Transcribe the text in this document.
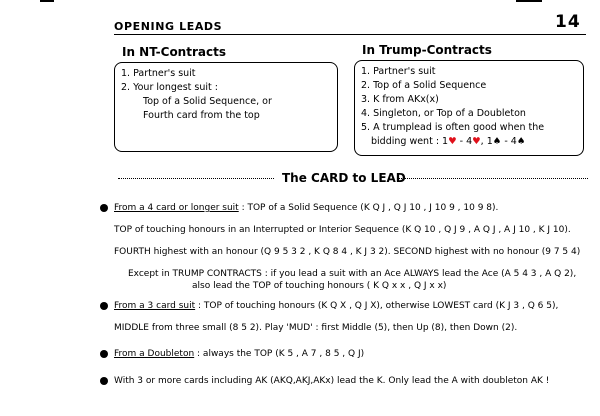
OPENING LEADS	14
In NT-Contracts
1. Partner's suit
2. Your longest suit :
Top of a Solid Sequence, or
Fourth card from the top
In Trump-Contracts
1. Partner's suit
2. Top of a Solid Sequence
3. K from AKx(x)
4. Singleton, or Top of a Doubleton
5. A trumplead is often good when the
bidding went : 1♥ - 4♥, 1♠ - 4♠
The CARD to LEAD
From a 4 card or longer suit : TOP of a Solid Sequence (K Q J , Q J 10 , J 10 9 , 10 9 8).
TOP of touching honours in an Interrupted or Interior Sequence (K Q 10 , Q J 9 , A Q J , A J 10 , K J 10).
FOURTH highest with an honour (Q 9 5 3 2 , K Q 8 4 , K J 3 2). SECOND highest with no honour (9 7 5 4)
Except in TRUMP CONTRACTS : if you lead a suit with an Ace ALWAYS lead the Ace (A 5 4 3 , A Q 2),
also lead the TOP of touching honours ( K Q x x , Q J x x)
From a 3 card suit : TOP of touching honours (K Q X , Q J X), otherwise LOWEST card (K J 3 , Q 6 5),
MIDDLE from three small (8 5 2). Play 'MUD' : first Middle (5), then Up (8), then Down (2).
From a Doubleton : always the TOP (K 5 , A 7 , 8 5 , Q J)
With 3 or more cards including AK (AKQ,AKJ,AKx) lead the K. Only lead the A with doubleton AK !
